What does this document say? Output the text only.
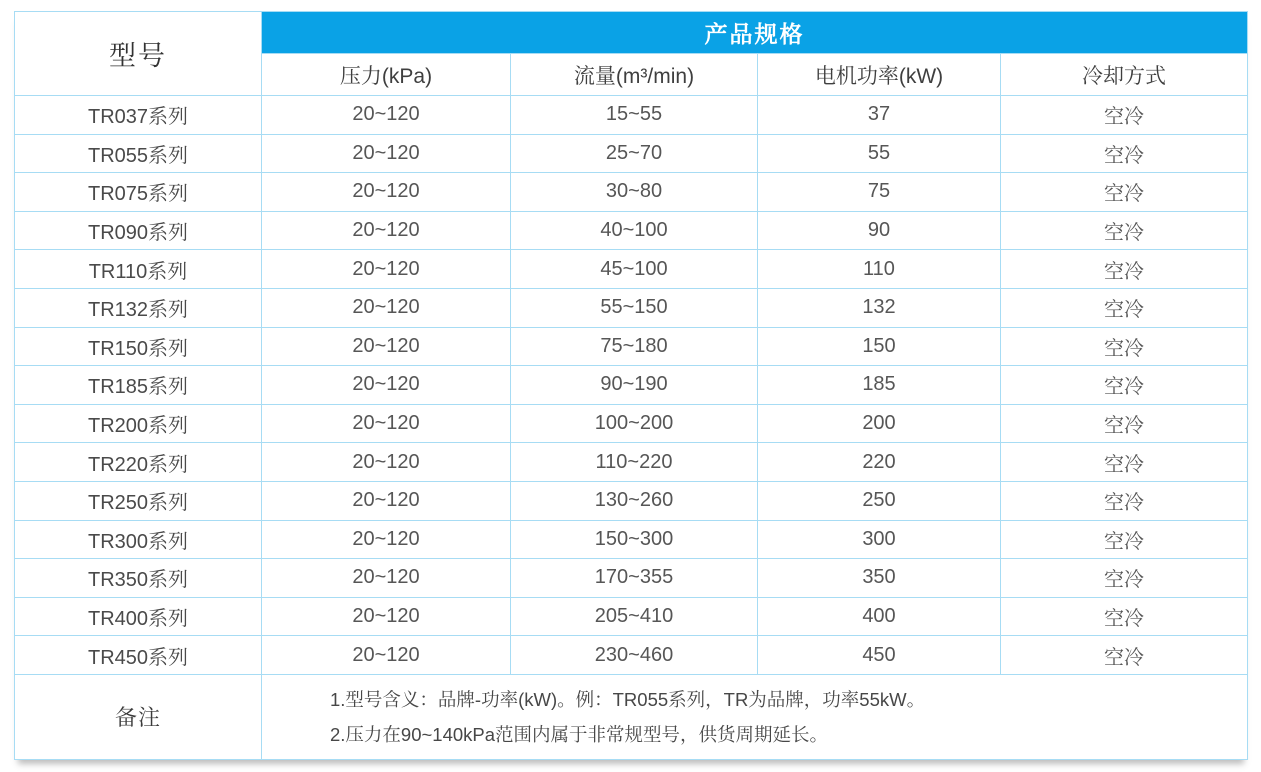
型号	产品规格			
	压力(kPa)	流量(m³/min)	电机功率(kW)	冷却方式
TR037系列	20~120	15~55	37	空冷
TR055系列	20~120	25~70	55	空冷
TR075系列	20~120	30~80	75	空冷
TR090系列	20~120	40~100	90	空冷
TR110系列	20~120	45~100	110	空冷
TR132系列	20~120	55~150	132	空冷
TR150系列	20~120	75~180	150	空冷
TR185系列	20~120	90~190	185	空冷
TR200系列	20~120	100~200	200	空冷
TR220系列	20~120	110~220	220	空冷
TR250系列	20~120	130~260	250	空冷
TR300系列	20~120	150~300	300	空冷
TR350系列	20~120	170~355	350	空冷
TR400系列	20~120	205~410	400	空冷
TR450系列	20~120	230~460	450	空冷
备注	1.型号含义：品牌-功率(kW)。例：TR055系列，TR为品牌，功率55kW。
2.压力在90~140kPa范围内属于非常规型号，供货周期延长。			
